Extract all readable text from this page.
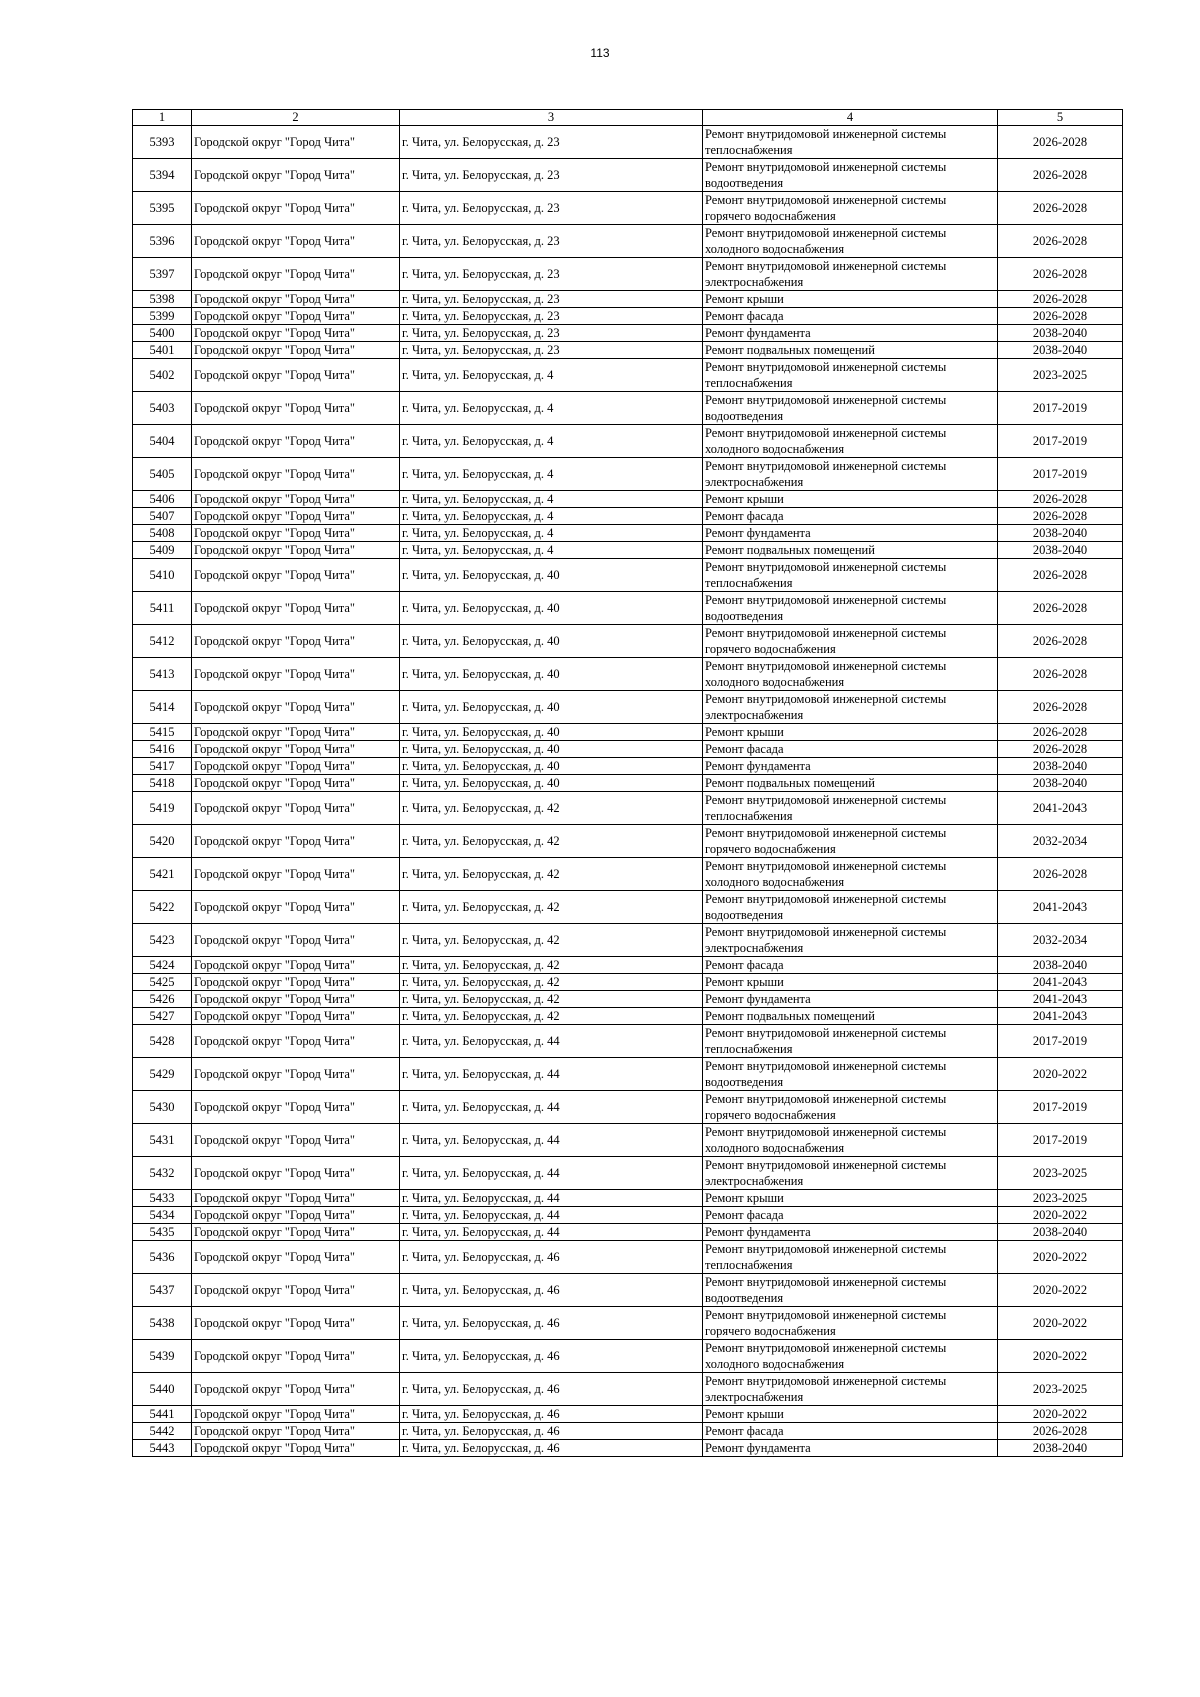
113
1	2	3	4	5
5393	Городской округ "Город Чита"	г. Чита, ул. Белорусская, д. 23	Ремонт внутридомовой инженерной системы теплоснабжения	2026-2028
5394	Городской округ "Город Чита"	г. Чита, ул. Белорусская, д. 23	Ремонт внутридомовой инженерной системы водоотведения	2026-2028
5395	Городской округ "Город Чита"	г. Чита, ул. Белорусская, д. 23	Ремонт внутридомовой инженерной системы горячего водоснабжения	2026-2028
5396	Городской округ "Город Чита"	г. Чита, ул. Белорусская, д. 23	Ремонт внутридомовой инженерной системы холодного водоснабжения	2026-2028
5397	Городской округ "Город Чита"	г. Чита, ул. Белорусская, д. 23	Ремонт внутридомовой инженерной системы электроснабжения	2026-2028
5398	Городской округ "Город Чита"	г. Чита, ул. Белорусская, д. 23	Ремонт крыши	2026-2028
5399	Городской округ "Город Чита"	г. Чита, ул. Белорусская, д. 23	Ремонт фасада	2026-2028
5400	Городской округ "Город Чита"	г. Чита, ул. Белорусская, д. 23	Ремонт фундамента	2038-2040
5401	Городской округ "Город Чита"	г. Чита, ул. Белорусская, д. 23	Ремонт подвальных помещений	2038-2040
5402	Городской округ "Город Чита"	г. Чита, ул. Белорусская, д. 4	Ремонт внутридомовой инженерной системы теплоснабжения	2023-2025
5403	Городской округ "Город Чита"	г. Чита, ул. Белорусская, д. 4	Ремонт внутридомовой инженерной системы водоотведения	2017-2019
5404	Городской округ "Город Чита"	г. Чита, ул. Белорусская, д. 4	Ремонт внутридомовой инженерной системы холодного водоснабжения	2017-2019
5405	Городской округ "Город Чита"	г. Чита, ул. Белорусская, д. 4	Ремонт внутридомовой инженерной системы электроснабжения	2017-2019
5406	Городской округ "Город Чита"	г. Чита, ул. Белорусская, д. 4	Ремонт крыши	2026-2028
5407	Городской округ "Город Чита"	г. Чита, ул. Белорусская, д. 4	Ремонт фасада	2026-2028
5408	Городской округ "Город Чита"	г. Чита, ул. Белорусская, д. 4	Ремонт фундамента	2038-2040
5409	Городской округ "Город Чита"	г. Чита, ул. Белорусская, д. 4	Ремонт подвальных помещений	2038-2040
5410	Городской округ "Город Чита"	г. Чита, ул. Белорусская, д. 40	Ремонт внутридомовой инженерной системы теплоснабжения	2026-2028
5411	Городской округ "Город Чита"	г. Чита, ул. Белорусская, д. 40	Ремонт внутридомовой инженерной системы водоотведения	2026-2028
5412	Городской округ "Город Чита"	г. Чита, ул. Белорусская, д. 40	Ремонт внутридомовой инженерной системы горячего водоснабжения	2026-2028
5413	Городской округ "Город Чита"	г. Чита, ул. Белорусская, д. 40	Ремонт внутридомовой инженерной системы холодного водоснабжения	2026-2028
5414	Городской округ "Город Чита"	г. Чита, ул. Белорусская, д. 40	Ремонт внутридомовой инженерной системы электроснабжения	2026-2028
5415	Городской округ "Город Чита"	г. Чита, ул. Белорусская, д. 40	Ремонт крыши	2026-2028
5416	Городской округ "Город Чита"	г. Чита, ул. Белорусская, д. 40	Ремонт фасада	2026-2028
5417	Городской округ "Город Чита"	г. Чита, ул. Белорусская, д. 40	Ремонт фундамента	2038-2040
5418	Городской округ "Город Чита"	г. Чита, ул. Белорусская, д. 40	Ремонт подвальных помещений	2038-2040
5419	Городской округ "Город Чита"	г. Чита, ул. Белорусская, д. 42	Ремонт внутридомовой инженерной системы теплоснабжения	2041-2043
5420	Городской округ "Город Чита"	г. Чита, ул. Белорусская, д. 42	Ремонт внутридомовой инженерной системы горячего водоснабжения	2032-2034
5421	Городской округ "Город Чита"	г. Чита, ул. Белорусская, д. 42	Ремонт внутридомовой инженерной системы холодного водоснабжения	2026-2028
5422	Городской округ "Город Чита"	г. Чита, ул. Белорусская, д. 42	Ремонт внутридомовой инженерной системы водоотведения	2041-2043
5423	Городской округ "Город Чита"	г. Чита, ул. Белорусская, д. 42	Ремонт внутридомовой инженерной системы электроснабжения	2032-2034
5424	Городской округ "Город Чита"	г. Чита, ул. Белорусская, д. 42	Ремонт фасада	2038-2040
5425	Городской округ "Город Чита"	г. Чита, ул. Белорусская, д. 42	Ремонт крыши	2041-2043
5426	Городской округ "Город Чита"	г. Чита, ул. Белорусская, д. 42	Ремонт фундамента	2041-2043
5427	Городской округ "Город Чита"	г. Чита, ул. Белорусская, д. 42	Ремонт подвальных помещений	2041-2043
5428	Городской округ "Город Чита"	г. Чита, ул. Белорусская, д. 44	Ремонт внутридомовой инженерной системы теплоснабжения	2017-2019
5429	Городской округ "Город Чита"	г. Чита, ул. Белорусская, д. 44	Ремонт внутридомовой инженерной системы водоотведения	2020-2022
5430	Городской округ "Город Чита"	г. Чита, ул. Белорусская, д. 44	Ремонт внутридомовой инженерной системы горячего водоснабжения	2017-2019
5431	Городской округ "Город Чита"	г. Чита, ул. Белорусская, д. 44	Ремонт внутридомовой инженерной системы холодного водоснабжения	2017-2019
5432	Городской округ "Город Чита"	г. Чита, ул. Белорусская, д. 44	Ремонт внутридомовой инженерной системы электроснабжения	2023-2025
5433	Городской округ "Город Чита"	г. Чита, ул. Белорусская, д. 44	Ремонт крыши	2023-2025
5434	Городской округ "Город Чита"	г. Чита, ул. Белорусская, д. 44	Ремонт фасада	2020-2022
5435	Городской округ "Город Чита"	г. Чита, ул. Белорусская, д. 44	Ремонт фундамента	2038-2040
5436	Городской округ "Город Чита"	г. Чита, ул. Белорусская, д. 46	Ремонт внутридомовой инженерной системы теплоснабжения	2020-2022
5437	Городской округ "Город Чита"	г. Чита, ул. Белорусская, д. 46	Ремонт внутридомовой инженерной системы водоотведения	2020-2022
5438	Городской округ "Город Чита"	г. Чита, ул. Белорусская, д. 46	Ремонт внутридомовой инженерной системы горячего водоснабжения	2020-2022
5439	Городской округ "Город Чита"	г. Чита, ул. Белорусская, д. 46	Ремонт внутридомовой инженерной системы холодного водоснабжения	2020-2022
5440	Городской округ "Город Чита"	г. Чита, ул. Белорусская, д. 46	Ремонт внутридомовой инженерной системы электроснабжения	2023-2025
5441	Городской округ "Город Чита"	г. Чита, ул. Белорусская, д. 46	Ремонт крыши	2020-2022
5442	Городской округ "Город Чита"	г. Чита, ул. Белорусская, д. 46	Ремонт фасада	2026-2028
5443	Городской округ "Город Чита"	г. Чита, ул. Белорусская, д. 46	Ремонт фундамента	2038-2040
